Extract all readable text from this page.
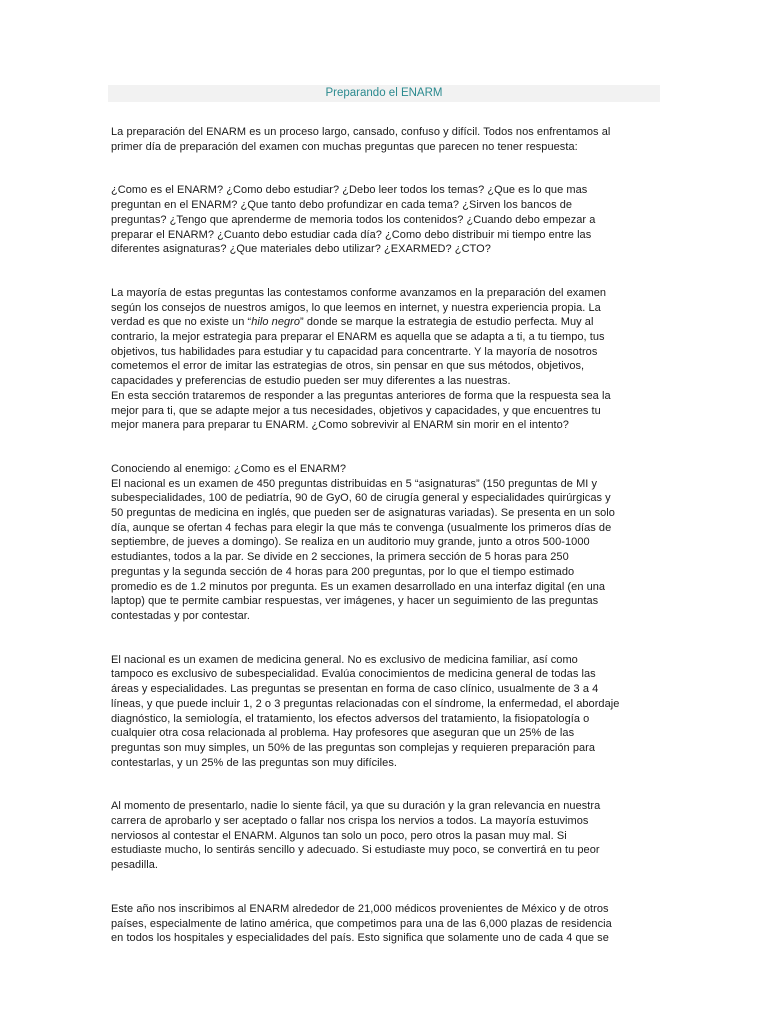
Preparando el ENARM
La preparación del ENARM es un proceso largo, cansado, confuso y difícil. Todos nos enfrentamos al
primer día de preparación del examen con muchas preguntas que parecen no tener respuesta:
¿Como es el ENARM? ¿Como debo estudiar? ¿Debo leer todos los temas? ¿Que es lo que mas
preguntan en el ENARM? ¿Que tanto debo profundizar en cada tema? ¿Sirven los bancos de
preguntas? ¿Tengo que aprenderme de memoria todos los contenidos? ¿Cuando debo empezar a
preparar el ENARM? ¿Cuanto debo estudiar cada día? ¿Como debo distribuir mi tiempo entre las
diferentes asignaturas? ¿Que materiales debo utilizar? ¿EXARMED? ¿CTO?
La mayoría de estas preguntas las contestamos conforme avanzamos en la preparación del examen
según los consejos de nuestros amigos, lo que leemos en internet, y nuestra experiencia propia. La
verdad es que no existe un “hilo negro” donde se marque la estrategia de estudio perfecta. Muy al
contrario, la mejor estrategia para preparar el ENARM es aquella que se adapta a ti, a tu tiempo, tus
objetivos, tus habilidades para estudiar y tu capacidad para concentrarte. Y la mayoría de nosotros
cometemos el error de imitar las estrategias de otros, sin pensar en que sus métodos, objetivos,
capacidades y preferencias de estudio pueden ser muy diferentes a las nuestras.
En esta sección trataremos de responder a las preguntas anteriores de forma que la respuesta sea la
mejor para ti, que se adapte mejor a tus necesidades, objetivos y capacidades, y que encuentres tu
mejor manera para preparar tu ENARM. ¿Como sobrevivir al ENARM sin morir en el intento?
Conociendo al enemigo: ¿Como es el ENARM?
El nacional es un examen de 450 preguntas distribuidas en 5 “asignaturas” (150 preguntas de MI y
subespecialidades, 100 de pediatría, 90 de GyO, 60 de cirugía general y especialidades quirúrgicas y
50 preguntas de medicina en inglés, que pueden ser de asignaturas variadas). Se presenta en un solo
día, aunque se ofertan 4 fechas para elegir la que más te convenga (usualmente los primeros días de
septiembre, de jueves a domingo). Se realiza en un auditorio muy grande, junto a otros 500-1000
estudiantes, todos a la par. Se divide en 2 secciones, la primera sección de 5 horas para 250
preguntas y la segunda sección de 4 horas para 200 preguntas, por lo que el tiempo estimado
promedio es de 1.2 minutos por pregunta. Es un examen desarrollado en una interfaz digital (en una
laptop) que te permite cambiar respuestas, ver imágenes, y hacer un seguimiento de las preguntas
contestadas y por contestar.
El nacional es un examen de medicina general. No es exclusivo de medicina familiar, así como
tampoco es exclusivo de subespecialidad. Evalúa conocimientos de medicina general de todas las
áreas y especialidades. Las preguntas se presentan en forma de caso clínico, usualmente de 3 a 4
líneas, y que puede incluir 1, 2 o 3 preguntas relacionadas con el síndrome, la enfermedad, el abordaje
diagnóstico, la semiología, el tratamiento, los efectos adversos del tratamiento, la fisiopatología o
cualquier otra cosa relacionada al problema. Hay profesores que aseguran que un 25% de las
preguntas son muy simples, un 50% de las preguntas son complejas y requieren preparación para
contestarlas, y un 25% de las preguntas son muy difíciles.
Al momento de presentarlo, nadie lo siente fácil, ya que su duración y la gran relevancia en nuestra
carrera de aprobarlo y ser aceptado o fallar nos crispa los nervios a todos. La mayoría estuvimos
nerviosos al contestar el ENARM. Algunos tan solo un poco, pero otros la pasan muy mal. Si
estudiaste mucho, lo sentirás sencillo y adecuado. Si estudiaste muy poco, se convertirá en tu peor
pesadilla.
Este año nos inscribimos al ENARM alrededor de 21,000 médicos provenientes de México y de otros
países, especialmente de latino américa, que competimos para una de las 6,000 plazas de residencia
en todos los hospitales y especialidades del país. Esto significa que solamente uno de cada 4 que se
